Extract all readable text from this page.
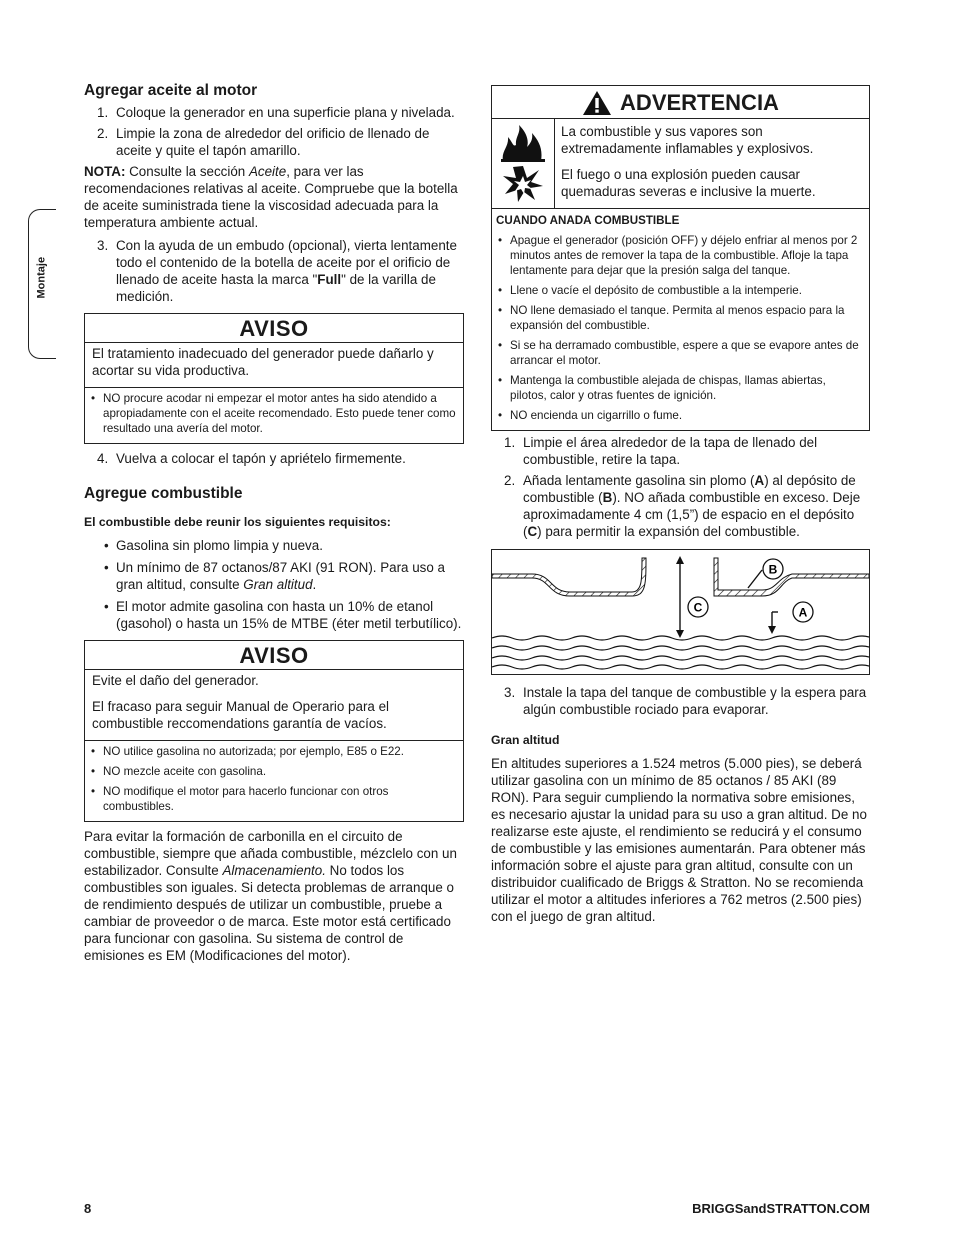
Montaje
Agregar aceite al motor
1. Coloque la generador en una superficie plana y nivelada.
2. Limpie la zona de alrededor del orificio de llenado de aceite y quite el tapón amarillo.

NOTA: Consulte la sección Aceite, para ver las recomendaciones relativas al aceite. Compruebe que la botella de aceite suministrada tiene la viscosidad adecuada para la temperatura ambiente actual.

3. Con la ayuda de un embudo (opcional), vierta lentamente todo el contenido de la botella de aceite por el orificio de llenado de aceite hasta la marca "Full" de la varilla de medición.
AVISO

El tratamiento inadecuado del generador puede dañarlo y acortar su vida productiva.

• NO procure acodar ni empezar el motor antes ha sido atendido a apropiadamente con el aceite recomendado. Esto puede tener como resultado una avería del motor.
4. Vuelva a colocar el tapón y apriételo firmemente.
Agregue combustible
El combustible debe reunir los siguientes requisitos:
• Gasolina sin plomo limpia y nueva.
• Un mínimo de 87 octanos/87 AKI (91 RON). Para uso a gran altitud, consulte Gran altitud.
• El motor admite gasolina con hasta un 10% de etanol (gasohol) o hasta un 15% de MTBE (éter metil terbutílico).
AVISO

Evite el daño del generador.

El fracaso para seguir Manual de Operario para el combustible reccomendations garantía de vacíos.

• NO utilice gasolina no autorizada; por ejemplo, E85 o E22.
• NO mezcle aceite con gasolina.
• NO modifique el motor para hacerlo funcionar con otros combustibles.

Para evitar la formación de carbonilla en el circuito de combustible, siempre que añada combustible, mézclelo con un estabilizador. Consulte Almacenamiento. No todos los combustibles son iguales. Si detecta problemas de arranque o de rendimiento después de utilizar un combustible, pruebe a cambiar de proveedor o de marca. Este motor está certificado para funcionar con gasolina. Su sistema de control de emisiones es EM (Modificaciones del motor).

ADVERTENCIA

La combustible y sus vapores son extremadamente inflamables y explosivos.

El fuego o una explosión pueden causar quemaduras severas e inclusive la muerte.

CUANDO ANADA COMBUSTIBLE
• Apague el generador (posición OFF) y déjelo enfriar al menos por 2 minutos antes de remover la tapa de la combustible. Afloje la tapa lentamente para dejar que la presión salga del tanque.
• Llene o vacíe el depósito de combustible a la intemperie.
• NO llene demasiado el tanque. Permita al menos espacio para la expansión del combustible.
• Si se ha derramado combustible, espere a que se evapore antes de arrancar el motor.
• Mantenga la combustible alejada de chispas, llamas abiertas, pilotos, calor y otras fuentes de ignición.
• NO encienda un cigarrillo o fume.
1. Limpie el área alrededor de la tapa de llenado del combustible, retire la tapa.
2. Añada lentamente gasolina sin plomo (A) al depósito de combustible (B). NO añada combustible en exceso. Deje aproximadamente 4 cm (1,5”) de espacio en el depósito (C) para permitir la expansión del combustible.
B
C	A
3. Instale la tapa del tanque de combustible y la espera para algún combustible rociado para evaporar.
Gran altitud

En altitudes superiores a 1.524 metros (5.000 pies), se deberá utilizar gasolina con un mínimo de 85 octanos / 85 AKI (89 RON). Para seguir cumpliendo la normativa sobre emisiones, es necesario ajustar la unidad para su uso a gran altitud. De no realizarse este ajuste, el rendimiento se reducirá y el consumo de combustible y las emisiones aumentarán. Para obtener más información sobre el ajuste para gran altitud, consulte con un distribuidor cualificado de Briggs & Stratton. No se recomienda utilizar el motor a altitudes inferiores a 762 metros (2.500 pies) con el juego de gran altitud.

8	BRIGGSandSTRATTON.COM
